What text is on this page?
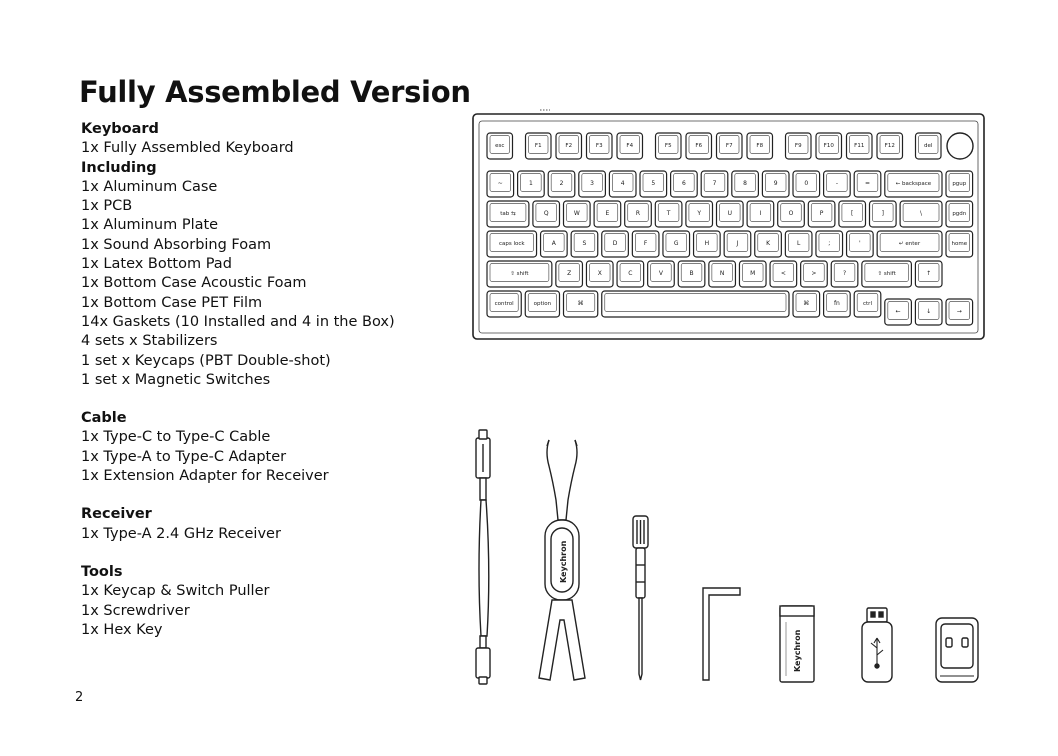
Fully Assembled Version

Keyboard

1x Fully Assembled Keyboard

Including

1x Aluminum Case

1x PCB

1x Aluminum Plate

1x Sound Absorbing Foam

1x Latex Bottom Pad

1x Bottom Case Acoustic Foam

1x Bottom Case PET Film

14x Gaskets (10 Installed and 4 in the Box)

4 sets x Stabilizers

1 set x Keycaps (PBT Double-shot)

1 set x Magnetic Switches

Cable

1x Type-C to Type-C Cable

1x Type-A to Type-C Adapter

1x Extension Adapter for Receiver

Receiver

1x Type-A 2.4 GHz Receiver

Tools

1x Keycap & Switch Puller

1x Screwdriver

1x Hex Key

2
esc	F1	F2	F3	F4	F5	F6	F7	F8	F9	F10	F11	F12	del
~	1	2	3	4	5	6	7	8	9	0	-	=	← backspace	pgup
tab ⇆	Q	W	E	R	T	Y	U	I	O	P	[	]	\	pgdn
caps lock	A	S	D	F	G	H	J	K	L	;	'	↵ enter	home
⇧ shift	Z	X	C	V	B	N	M	<	>	?	⇧ shift	↑
control	option	⌘	⌘	fn	ctrl
←	↓	→
Keychron
Keychron
